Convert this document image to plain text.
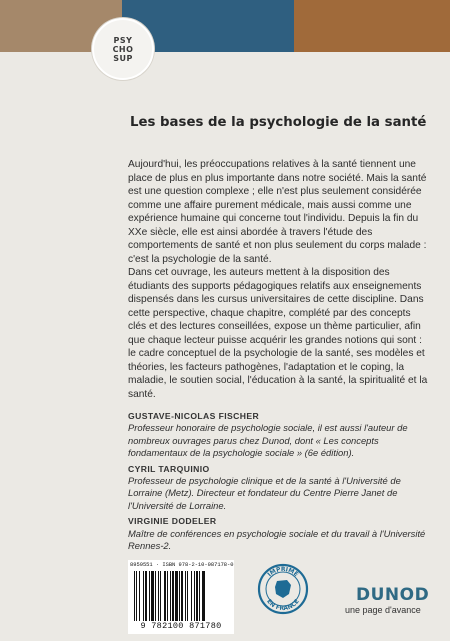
PSY
CHO
SUP
Les bases de la psychologie de la santé

Aujourd'hui, les préoccupations relatives à la santé tiennent une place de plus en plus importante dans notre société. Mais la santé est une question complexe ; elle n'est plus seulement considérée comme une affaire purement médicale, mais aussi comme une expérience humaine qui concerne tout l'individu. Depuis la fin du XXe siècle, elle est ainsi abordée à travers l'étude des comportements de santé et non plus seulement du corps malade : c'est la psychologie de la santé.

Dans cet ouvrage, les auteurs mettent à la disposition des étudiants des supports pédagogiques relatifs aux enseignements dispensés dans les cursus universitaires de cette discipline. Dans cette perspective, chaque chapitre, complété par des concepts clés et des lectures conseillées, expose un thème particulier, afin que chaque lecteur puisse acquérir les grandes notions qui sont : le cadre conceptuel de la psychologie de la santé, ses modèles et théories, les facteurs pathogènes, l'adaptation et le coping, la maladie, le soutien social, l'éducation à la santé, la spiritualité et la santé.

GUSTAVE-NICOLAS FISCHER
Professeur honoraire de psychologie sociale, il est aussi l'auteur de nombreux ouvrages parus chez Dunod, dont « Les concepts fondamentaux de la psychologie sociale » (6e édition).
CYRIL TARQUINIO
Professeur de psychologie clinique et de la santé à l'Université de Lorraine (Metz). Directeur et fondateur du Centre Pierre Janet de l'Université de Lorraine.
VIRGINIE DODELER
Maître de conférences en psychologie sociale et du travail à l'Université Rennes-2.
8959551 · ISBN 978-2-10-087178-0
9 782100 871780
IMPRIMÉ
EN FRANCE	DUNOD
une page d'avance
